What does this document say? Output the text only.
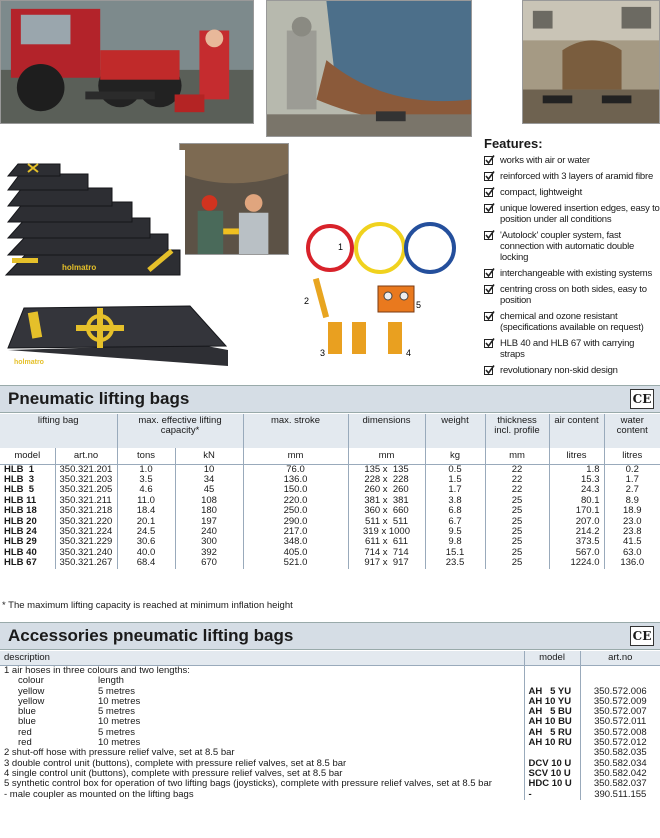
holmatro
holmatro
1
2
3	4
5
Features:
works with air or water
reinforced with 3 layers of aramid fibre
compact, lightweight
unique lowered insertion edges, easy to position under all conditions
'Autolock' coupler system, fast connection with automatic double locking
interchangeable with existing systems
centring cross on both sides, easy to position
chemical and ozone resistant (specifications available on request)
HLB 40 and HLB 67 with carrying straps
revolutionary non-skid design
Pneumatic lifting bags	CE
lifting bag		max. effective lifting capacity*		max. stroke	dimensions	weight	thickness incl. profile	air content	water content
model	art.no	tons	kN	mm	mm	kg	mm	litres	litres
HLB  1	350.321.201	1.0	10	76.0	135 x  135	0.5	22	1.8	0.2
HLB  3	350.321.203	3.5	34	136.0	228 x  228	1.5	22	15.3	1.7
HLB  5	350.321.205	4.6	45	150.0	260 x  260	1.7	22	24.3	2.7
HLB 11	350.321.211	11.0	108	220.0	381 x  381	3.8	25	80.1	8.9
HLB 18	350.321.218	18.4	180	250.0	360 x  660	6.8	25	170.1	18.9
HLB 20	350.321.220	20.1	197	290.0	511 x  511	6.7	25	207.0	23.0
HLB 24	350.321.224	24.5	240	217.0	319 x 1000	9.5	25	214.2	23.8
HLB 29	350.321.229	30.6	300	348.0	611 x  611	9.8	25	373.5	41.5
HLB 40	350.321.240	40.0	392	405.0	714 x  714	15.1	25	567.0	63.0
HLB 67	350.321.267	68.4	670	521.0	917 x  917	23.5	25	1224.0	136.0
* The maximum lifting capacity is reached at minimum inflation height
Accessories pneumatic lifting bags	CE
description	model	art.no
1 air hoses in three colours and two lengths:		
colour length		
yellow 5 metres	AH   5 YU	350.572.006
yellow 10 metres	AH 10 YU	350.572.009
blue 5 metres	AH   5 BU	350.572.007
blue 10 metres	AH 10 BU	350.572.011
red 5 metres	AH   5 RU	350.572.008
red 10 metres	AH 10 RU	350.572.012
2 shut-off hose with pressure relief valve, set at 8.5 bar		350.582.035
3 double control unit (buttons), complete with pressure relief valves, set at 8.5 bar	DCV 10 U	350.582.034
4 single control unit (buttons), complete with pressure relief valves, set at 8.5 bar	SCV 10 U	350.582.042
5 synthetic control box for operation of two lifting bags (joysticks), complete with pressure relief valves, set at 8.5 bar	HDC 10 U	350.582.037
- male coupler as mounted on the lifting bags	-	390.511.155
